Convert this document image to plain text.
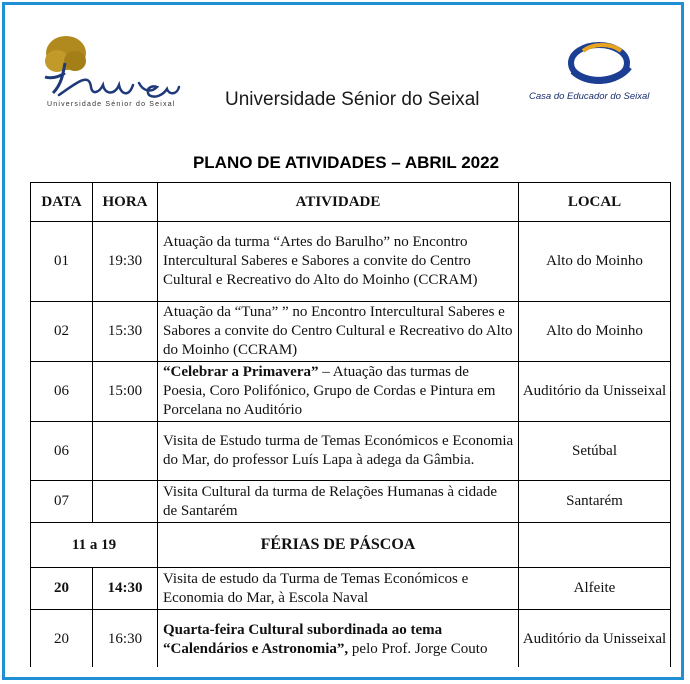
Universidade Sénior do Seixal	Universidade Sénior do Seixal	Casa do Educador do Seixal
PLANO DE ATIVIDADES – ABRIL 2022
DATA	HORA	ATIVIDADE	LOCAL
01	19:30	Atuação da turma “Artes do Barulho” no Encontro Intercultural Saberes e Sabores a convite do Centro Cultural e Recreativo do Alto do Moinho (CCRAM)	Alto do Moinho
02	15:30	Atuação da “Tuna” ” no Encontro Intercultural Saberes e Sabores a convite do Centro Cultural e Recreativo do Alto do Moinho (CCRAM)	Alto do Moinho
06	15:00	“Celebrar a Primavera” – Atuação das turmas de Poesia, Coro Polifónico, Grupo de Cordas e Pintura em Porcelana no Auditório	Auditório da Unisseixal
06		Visita de Estudo turma de Temas Económicos e Economia do Mar, do professor Luís Lapa à adega da Gâmbia.	Setúbal
07		Visita Cultural da turma de Relações Humanas à cidade de Santarém	Santarém
11 a 19		FÉRIAS DE PÁSCOA	
20	14:30	Visita de estudo da Turma de Temas Económicos e Economia do Mar, à Escola Naval	Alfeite
20	16:30	Quarta-feira Cultural subordinada ao tema “Calendários e Astronomia”, pelo Prof. Jorge Couto	Auditório da Unisseixal
